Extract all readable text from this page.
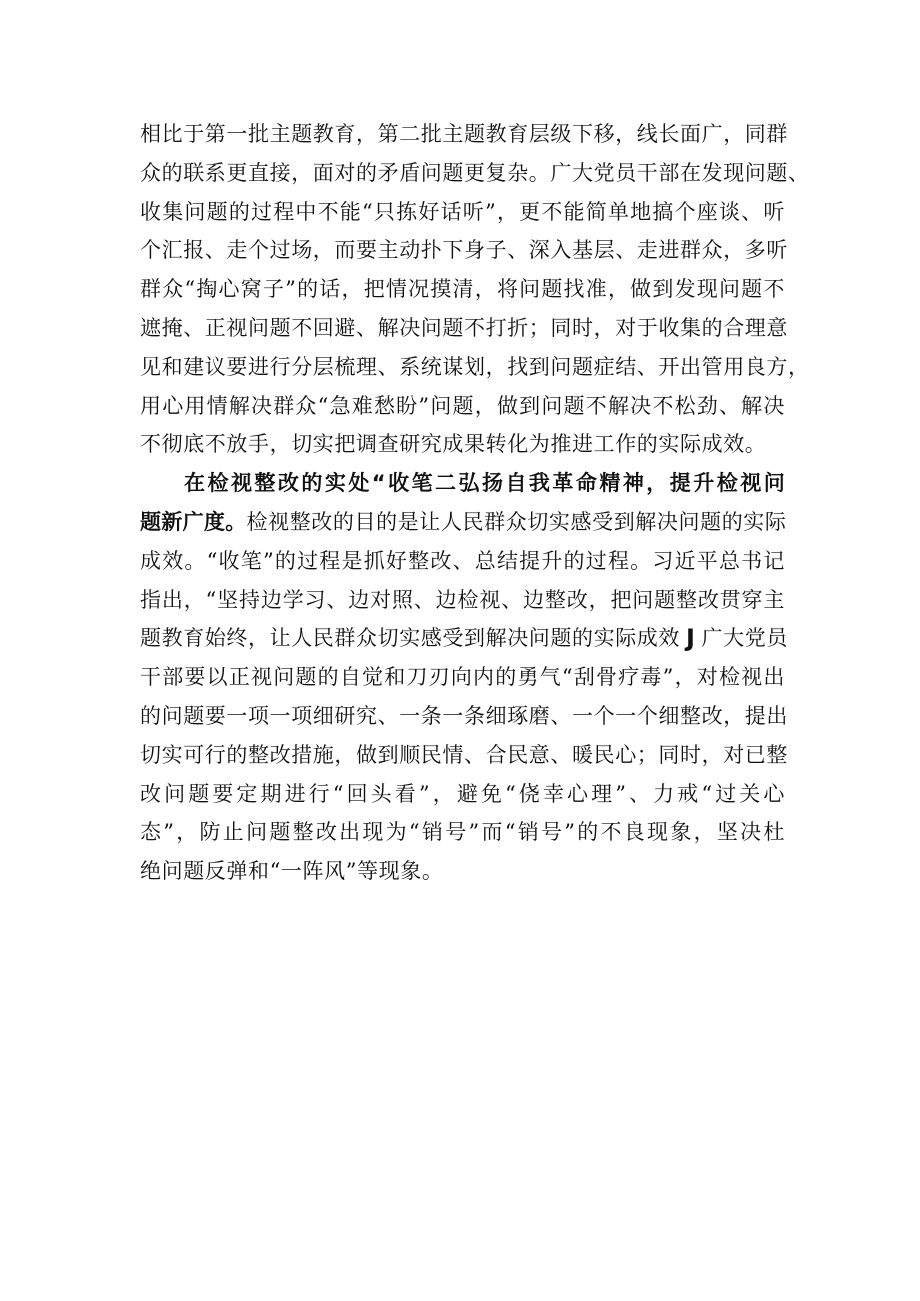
相比于第一批主题教育，第二批主题教育层级下移，线长面广，同群
众的联系更直接，面对的矛盾问题更复杂。广大党员干部在发现问题、
收集问题的过程中不能“只拣好话听”，更不能简单地搞个座谈、听
个汇报、走个过场，而要主动扑下身子、深入基层、走进群众，多听
群众“掏心窝子”的话，把情况摸清，将问题找准，做到发现问题不
遮掩、正视问题不回避、解决问题不打折；同时，对于收集的合理意
见和建议要进行分层梳理、系统谋划，找到问题症结、开出管用良方，
用心用情解决群众“急难愁盼”问题，做到问题不解决不松劲、解决
不彻底不放手，切实把调查研究成果转化为推进工作的实际成效。
在检视整改的实处“收笔二弘扬自我革命精神，提升检视问
题新广度。 检视整改的目的是让人民群众切实感受到解决问题的实际
成效。“收笔”的过程是抓好整改、总结提升的过程。习近平总书记
指出，“坚持边学习、边对照、边检视、边整改，把问题整改贯穿主
题教育始终，让人民群众切实感受到解决问题的实际成效 J 广大党员
干部要以正视问题的自觉和刀刃向内的勇气“刮骨疗毒”，对检视出
的问题要一项一项细研究、一条一条细琢磨、一个一个细整改，提出
切实可行的整改措施，做到顺民情、合民意、暖民心；同时，对已整
改问题要定期进行“回头看”，避免“侥幸心理”、力戒“过关心
态”，防止问题整改出现为“销号”而“销号”的不良现象，坚决杜
绝问题反弹和“一阵风”等现象。
